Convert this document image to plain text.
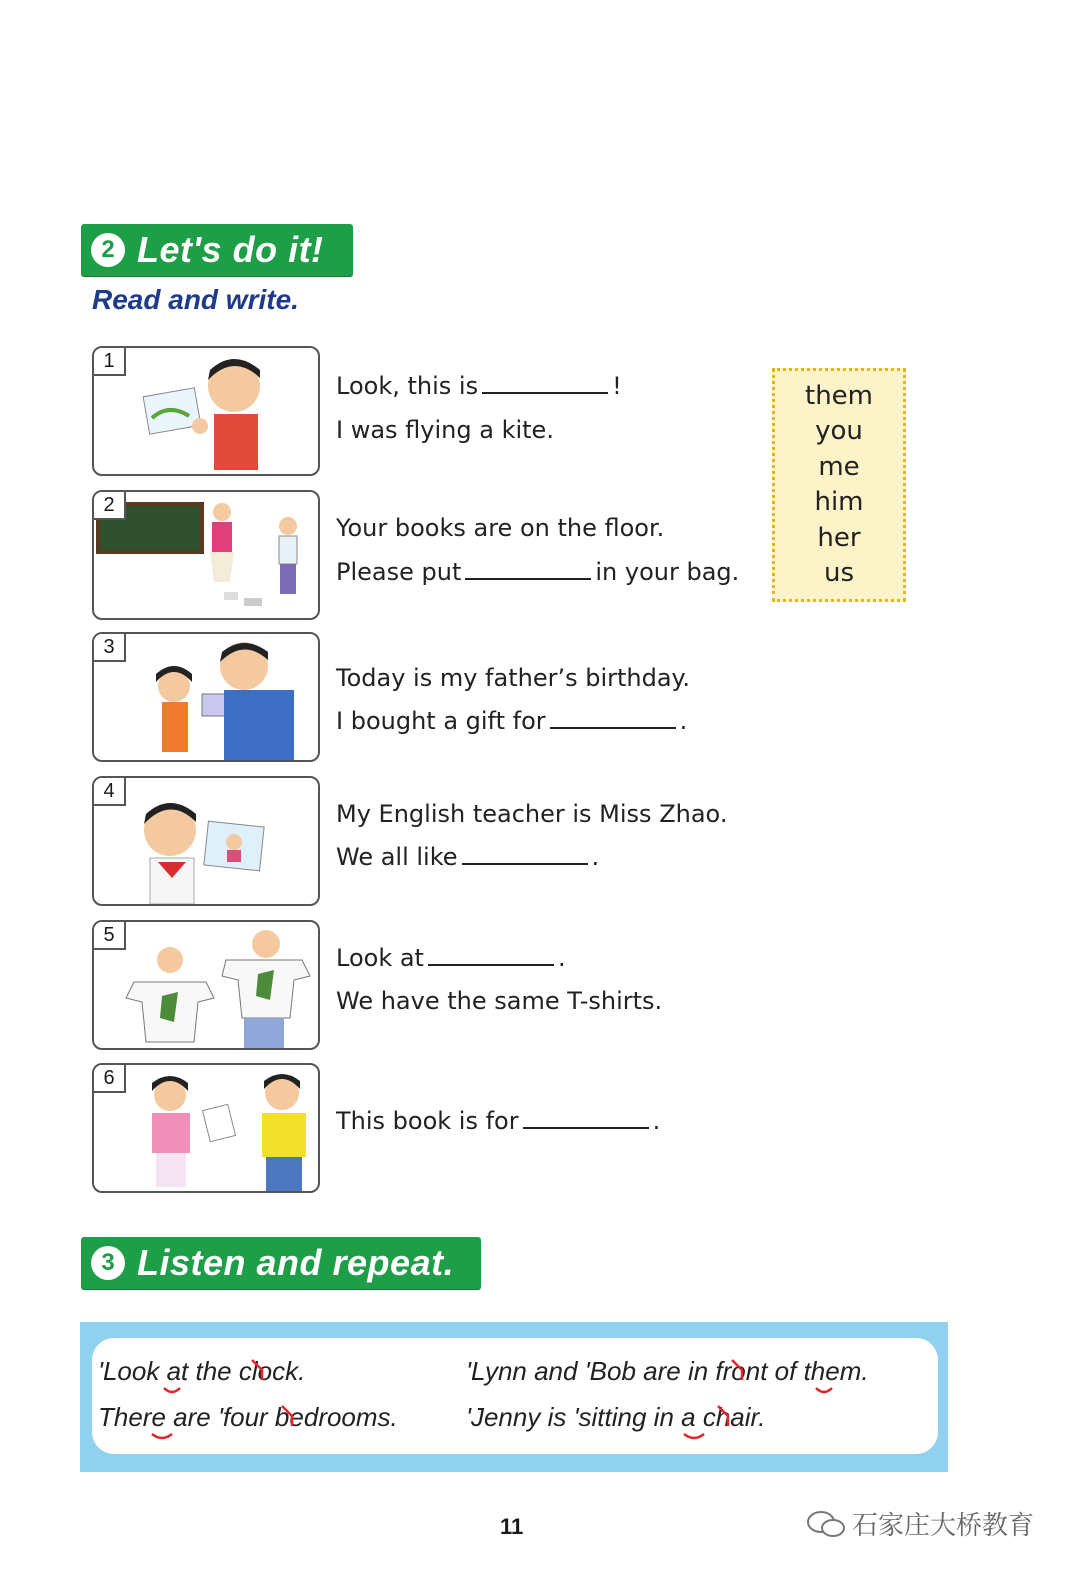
2 Let's do it!
Read and write.
1
Look, this is	!
I was flying a kite.
2
Your books are on the floor.
Please put	in your bag.
3
Today is my father’s birthday.
I bought a gift for	.
4
My English teacher is Miss Zhao.
We all like	.
5
Look at	.
We have the same T-shirts.
6
This book is for	.
them
you
me
him
her
us
3 Listen and repeat.
'Look at the clock.	'Lynn and 'Bob are in front of them.
There are 'four bedrooms.	'Jenny is 'sitting in a chair.
11	石家庄大桥教育
